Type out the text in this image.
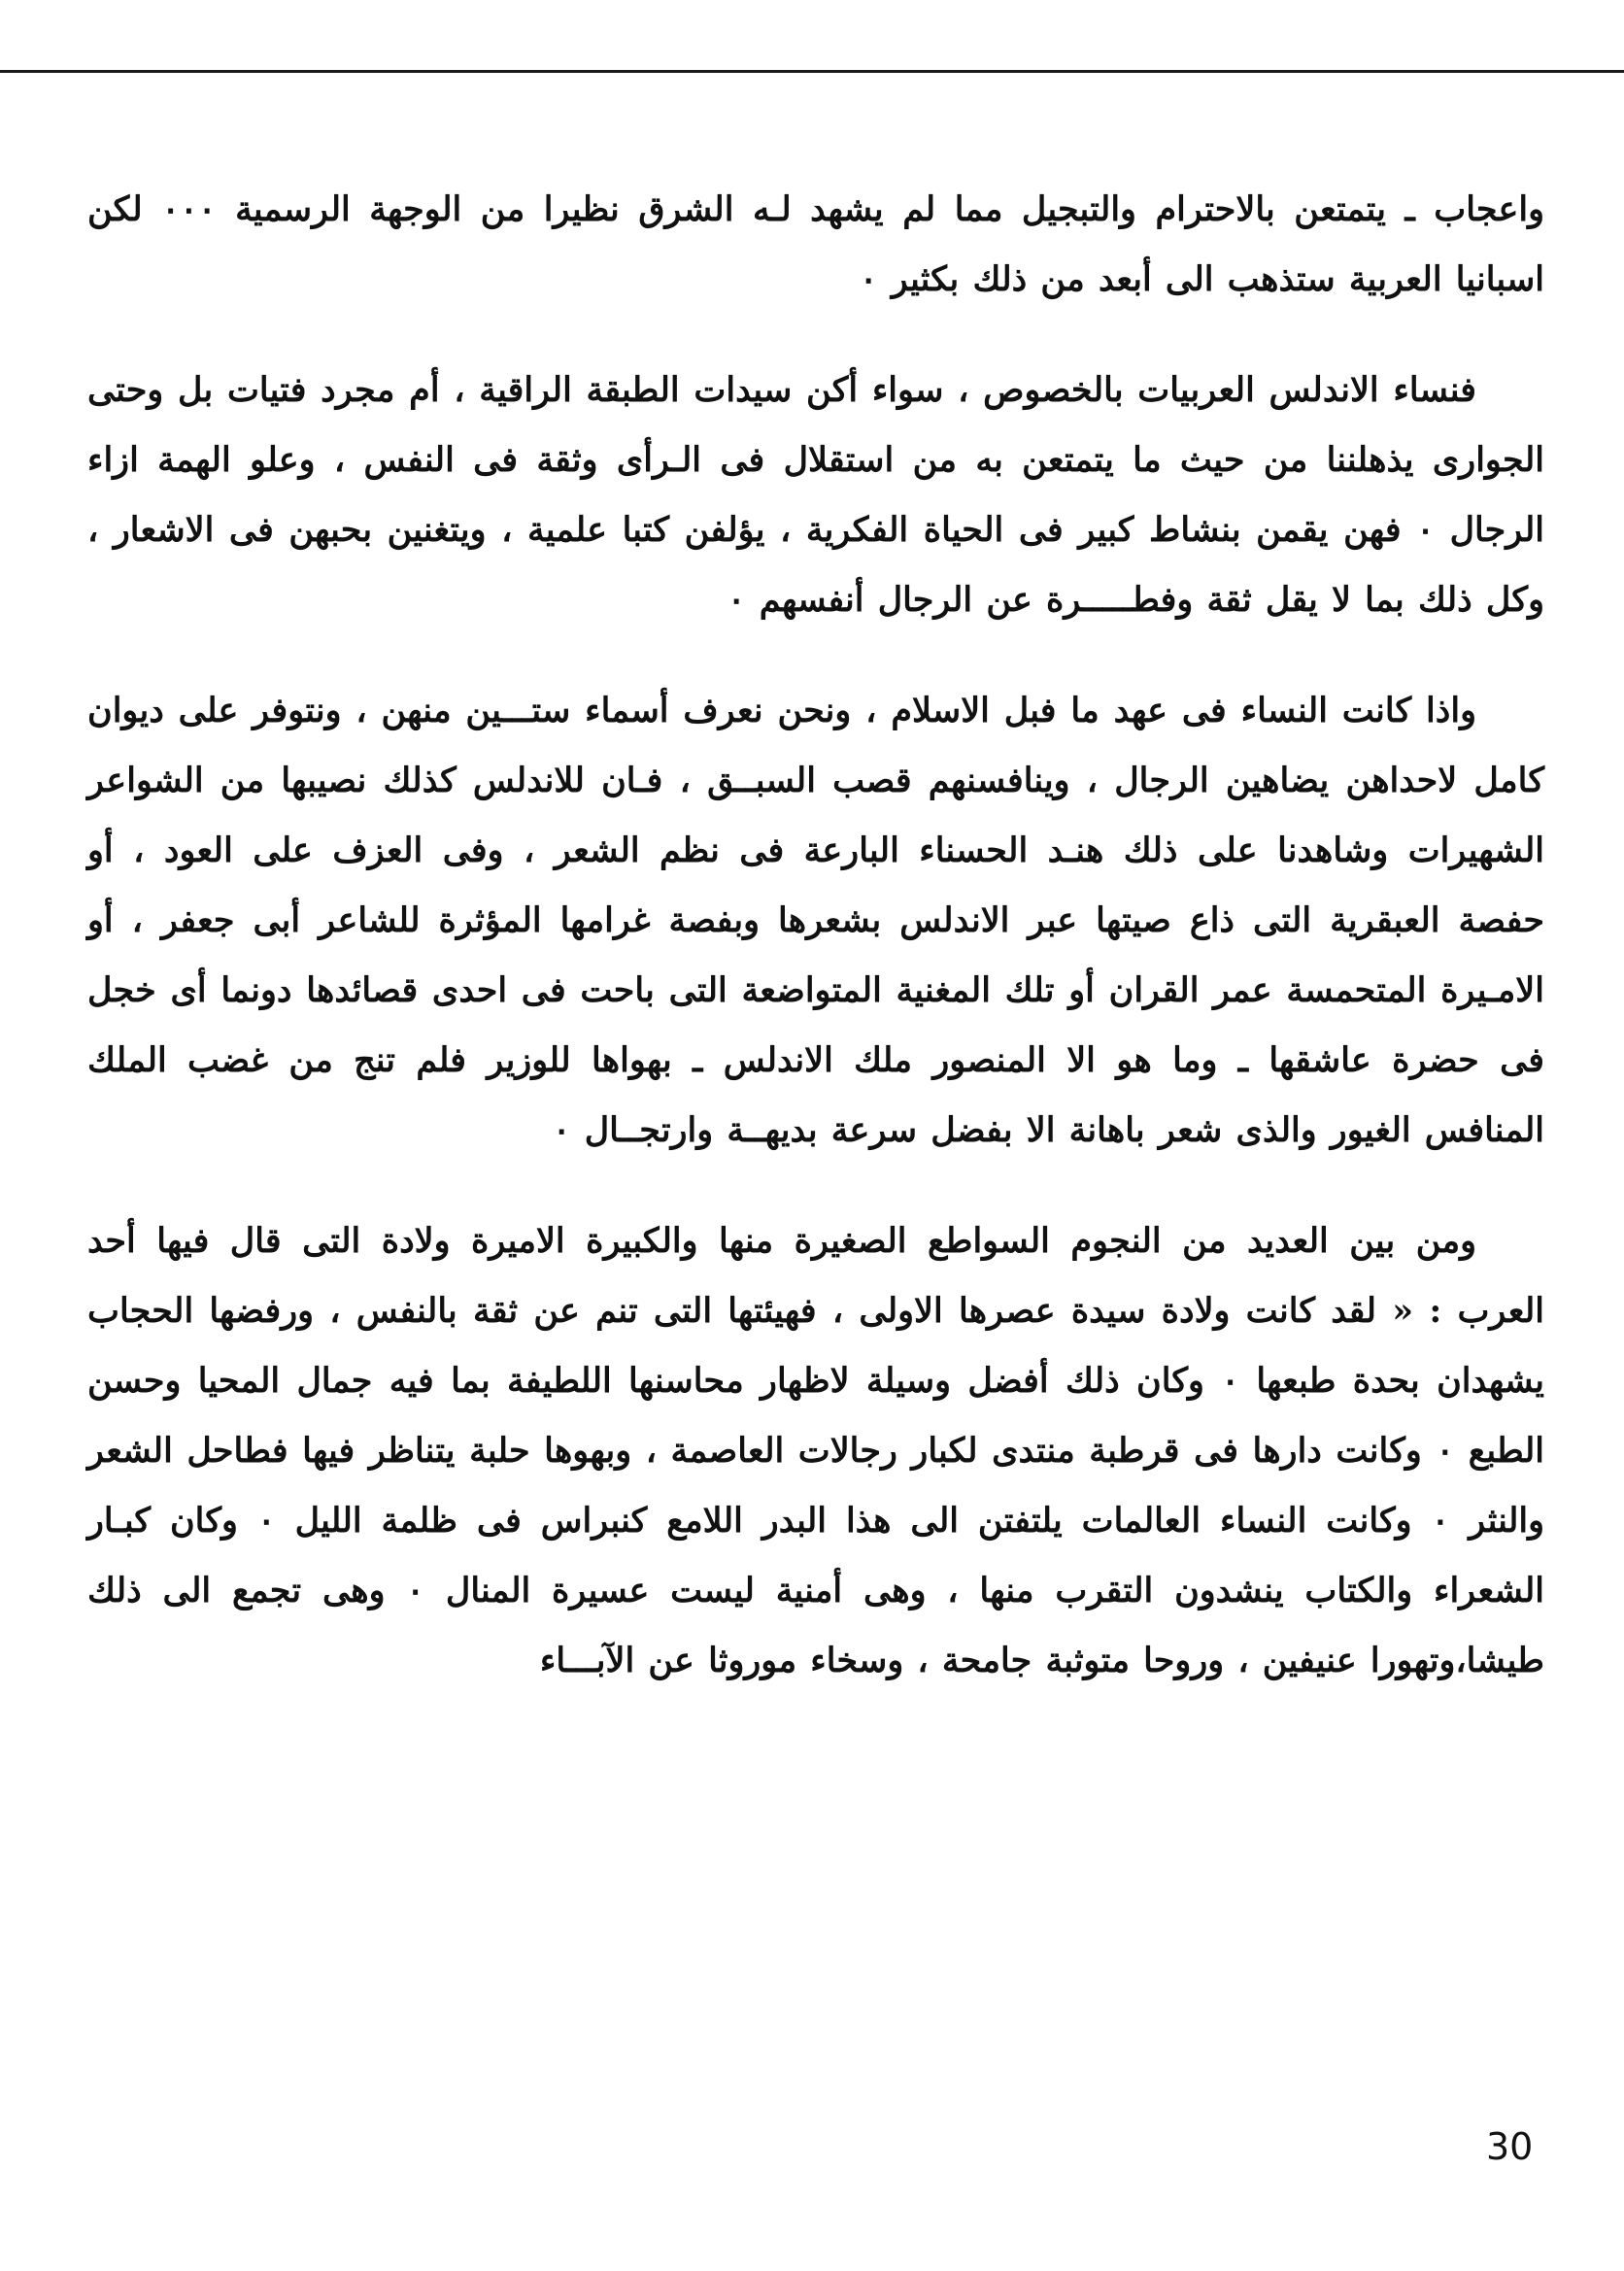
واعجاب ـ يتمتعن بالاحترام والتبجيل مما لم يشهد لـه الشرق نظيرا من الوجهة الرسمية ٠٠٠ لكن اسبانيا العربية ستذهب الى أبعد من ذلك بكثير ٠

فنساء الاندلس العربيات بالخصوص ، سواء أكن سيدات الطبقة الراقية ، أم مجرد فتيات بل وحتى الجوارى يذهلننا من حيث ما يتمتعن به من استقلال فى الـرأى وثقة فى النفس ، وعلو الهمة ازاء الرجال ٠ فهن يقمن بنشاط كبير فى الحياة الفكرية ، يؤلفن كتبا علمية ، ويتغنين بحبهن فى الاشعار ، وكل ذلك بما لا يقل ثقة وفطـــــرة عن الرجال أنفسهم ٠

واذا كانت النساء فى عهد ما فبل الاسلام ، ونحن نعرف أسماء ستـــين منهن ، ونتوفر على ديوان كامل لاحداهن يضاهين الرجال ، وينافسنهم قصب السبــق ، فـان للاندلس كذلك نصيبها من الشواعر الشهيرات وشاهدنا على ذلك هنـد الحسناء البارعة فى نظم الشعر ، وفى العزف على العود ، أو حفصة العبقرية التى ذاع صيتها عبر الاندلس بشعرها وبفصة غرامها المؤثرة للشاعر أبى جعفر ، أو الامـيرة المتحمسة عمر القران أو تلك المغنية المتواضعة التى باحت فى احدى قصائدها دونما أى خجل فى حضرة عاشقها ـ وما هو الا المنصور ملك الاندلس ـ بهواها للوزير فلم تنج من غضب الملك المنافس الغيور والذى شعر باهانة الا بفضل سرعة بديهــة وارتجــال ٠

ومن بين العديد من النجوم السواطع الصغيرة منها والكبيرة الاميرة ولادة التى قال فيها أحد العرب : « لقد كانت ولادة سيدة عصرها الاولى ، فهيئتها التى تنم عن ثقة بالنفس ، ورفضها الحجاب يشهدان بحدة طبعها ٠ وكان ذلك أفضل وسيلة لاظهار محاسنها اللطيفة بما فيه جمال المحيا وحسن الطبع ٠ وكانت دارها فى قرطبة منتدى لكبار رجالات العاصمة ، وبهوها حلبة يتناظر فيها فطاحل الشعر والنثر ٠ وكانت النساء العالمات يلتفتن الى هذا البدر اللامع كنبراس فى ظلمة الليل ٠ وكان كبـار الشعراء والكتاب ينشدون التقرب منها ، وهى أمنية ليست عسيرة المنال ٠ وهى تجمع الى ذلك طيشا،وتهورا عنيفين ، وروحا متوثبة جامحة ، وسخاء موروثا عن الآبـــاء

30
